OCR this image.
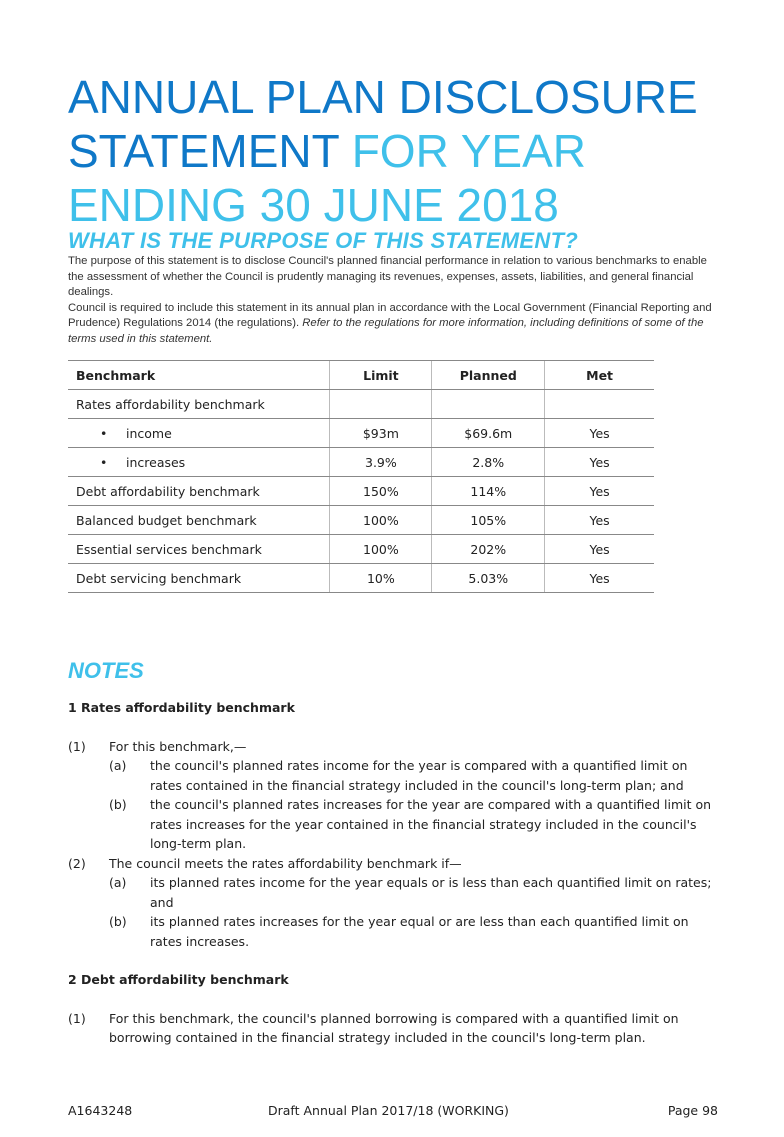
ANNUAL PLAN DISCLOSURE
STATEMENT FOR YEAR
ENDING 30 JUNE 2018
WHAT IS THE PURPOSE OF THIS STATEMENT?

The purpose of this statement is to disclose Council's planned financial performance in relation to various benchmarks to enable the assessment of whether the Council is prudently managing its revenues, expenses, assets, liabilities, and general financial dealings.

Council is required to include this statement in its annual plan in accordance with the Local Government (Financial Reporting and Prudence) Regulations 2014 (the regulations). Refer to the regulations for more information, including definitions of some of the terms used in this statement.

Benchmark	Limit	Planned	Met
Rates affordability benchmark			
• income	$93m	$69.6m	Yes
• increases	3.9%	2.8%	Yes
Debt affordability benchmark	150%	114%	Yes
Balanced budget benchmark	100%	105%	Yes
Essential services benchmark	100%	202%	Yes
Debt servicing benchmark	10%	5.03%	Yes
NOTES
1 Rates affordability benchmark
(1) For this benchmark,—
(a) the council's planned rates income for the year is compared with a quantified limit on rates contained in the financial strategy included in the council's long-term plan; and
(b) the council's planned rates increases for the year are compared with a quantified limit on rates increases for the year contained in the financial strategy included in the council's long-term plan.
(2) The council meets the rates affordability benchmark if—
(a) its planned rates income for the year equals or is less than each quantified limit on rates; and
(b) its planned rates increases for the year equal or are less than each quantified limit on rates increases.
2 Debt affordability benchmark
(1) For this benchmark, the council's planned borrowing is compared with a quantified limit on borrowing contained in the financial strategy included in the council's long-term plan.
A1643248	Draft Annual Plan 2017/18 (WORKING)	Page 98
